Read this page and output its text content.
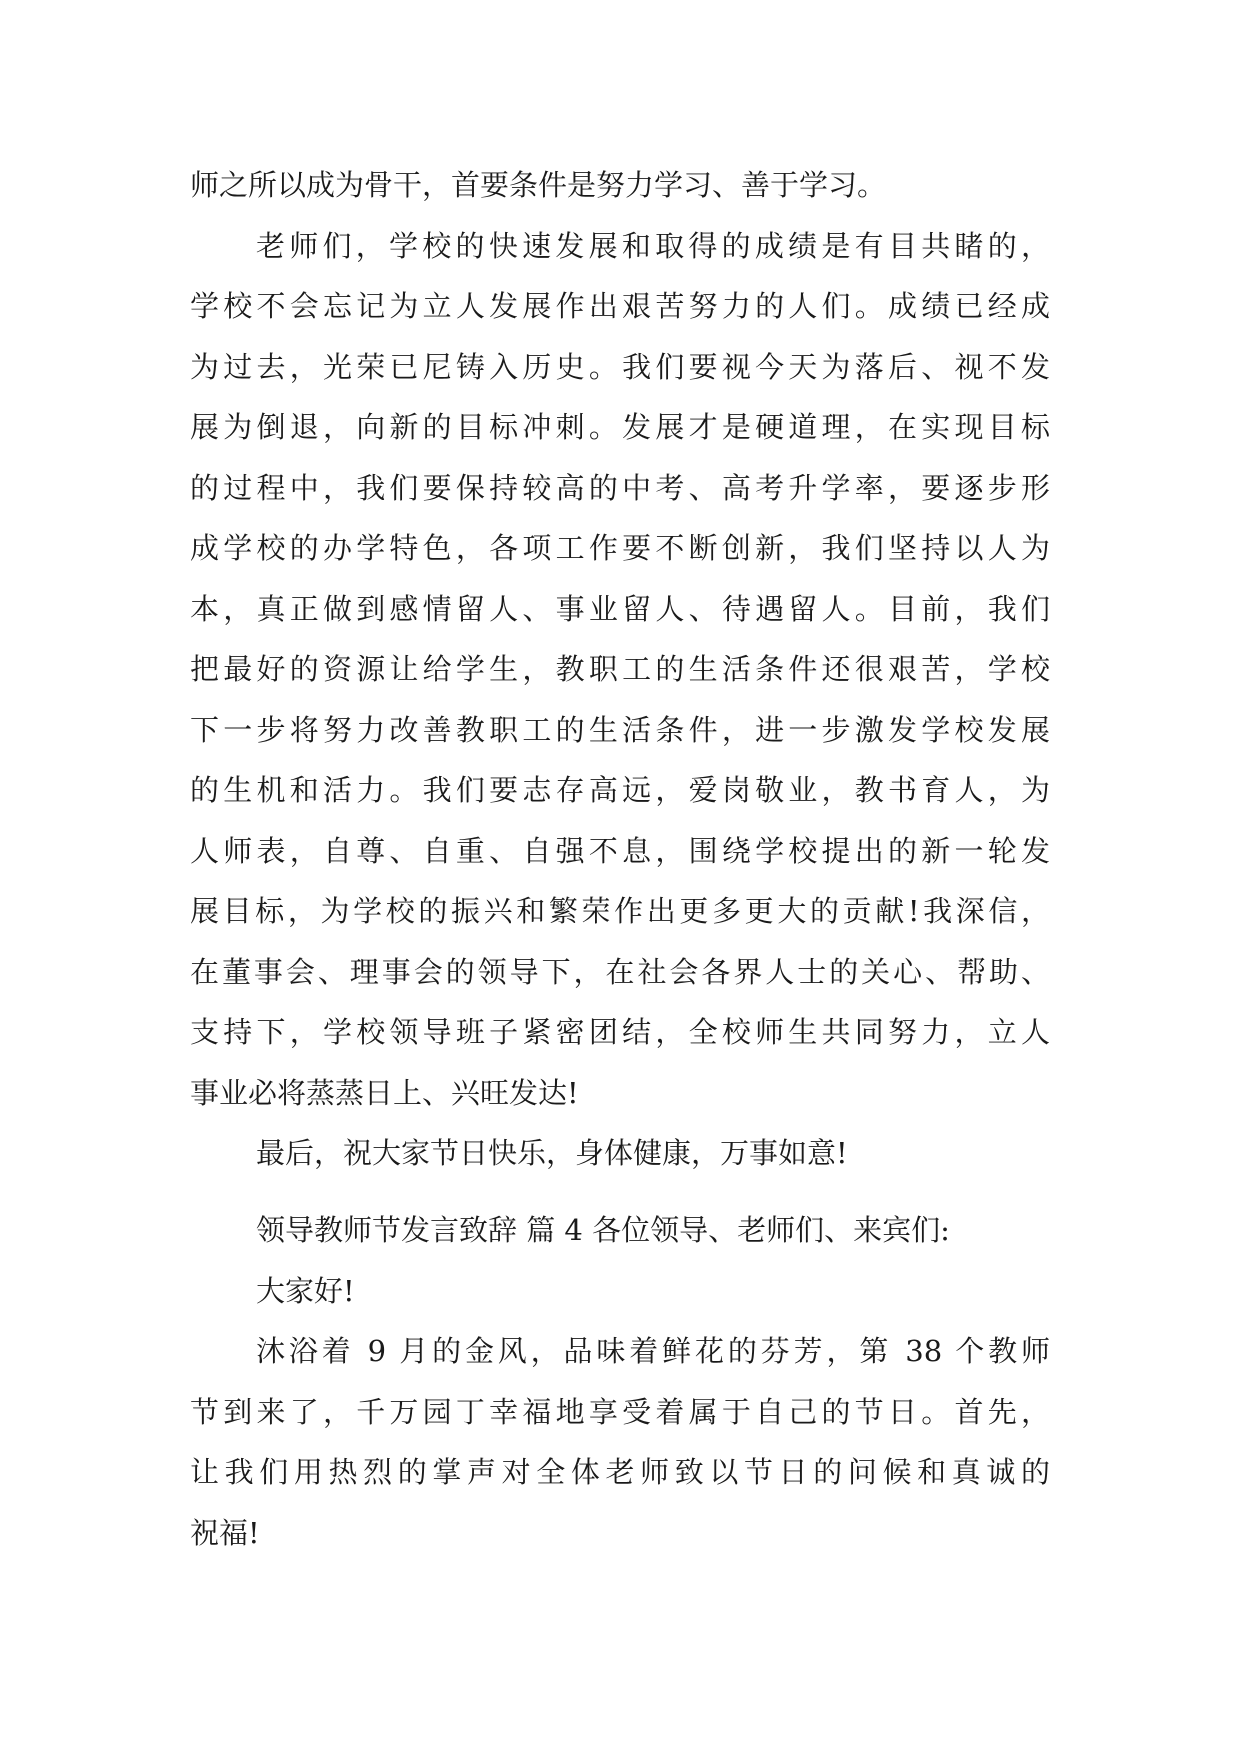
师之所以成为骨干，首要条件是努力学习、善于学习。
老师们，学校的快速发展和取得的成绩是有目共睹的，
学校不会忘记为立人发展作出艰苦努力的人们。成绩已经成
为过去，光荣已尼铸入历史。我们要视今天为落后、视不发
展为倒退，向新的目标冲刺。发展才是硬道理，在实现目标
的过程中，我们要保持较高的中考、高考升学率，要逐步形
成学校的办学特色，各项工作要不断创新，我们坚持以人为
本，真正做到感情留人、事业留人、待遇留人。目前，我们
把最好的资源让给学生，教职工的生活条件还很艰苦，学校
下一步将努力改善教职工的生活条件，进一步激发学校发展
的生机和活力。我们要志存高远，爱岗敬业，教书育人，为
人师表，自尊、自重、自强不息，围绕学校提出的新一轮发
展目标，为学校的振兴和繁荣作出更多更大的贡献!我深信，
在董事会、理事会的领导下，在社会各界人士的关心、帮助、
支持下，学校领导班子紧密团结，全校师生共同努力，立人
事业必将蒸蒸日上、兴旺发达!
最后，祝大家节日快乐，身体健康，万事如意!
领导教师节发言致辞 篇 4 各位领导、老师们、来宾们:
大家好!
沐浴着 9 月的金风，品味着鲜花的芬芳，第 38 个教师
节到来了，千万园丁幸福地享受着属于自己的节日。首先，
让我们用热烈的掌声对全体老师致以节日的问候和真诚的
祝福!
